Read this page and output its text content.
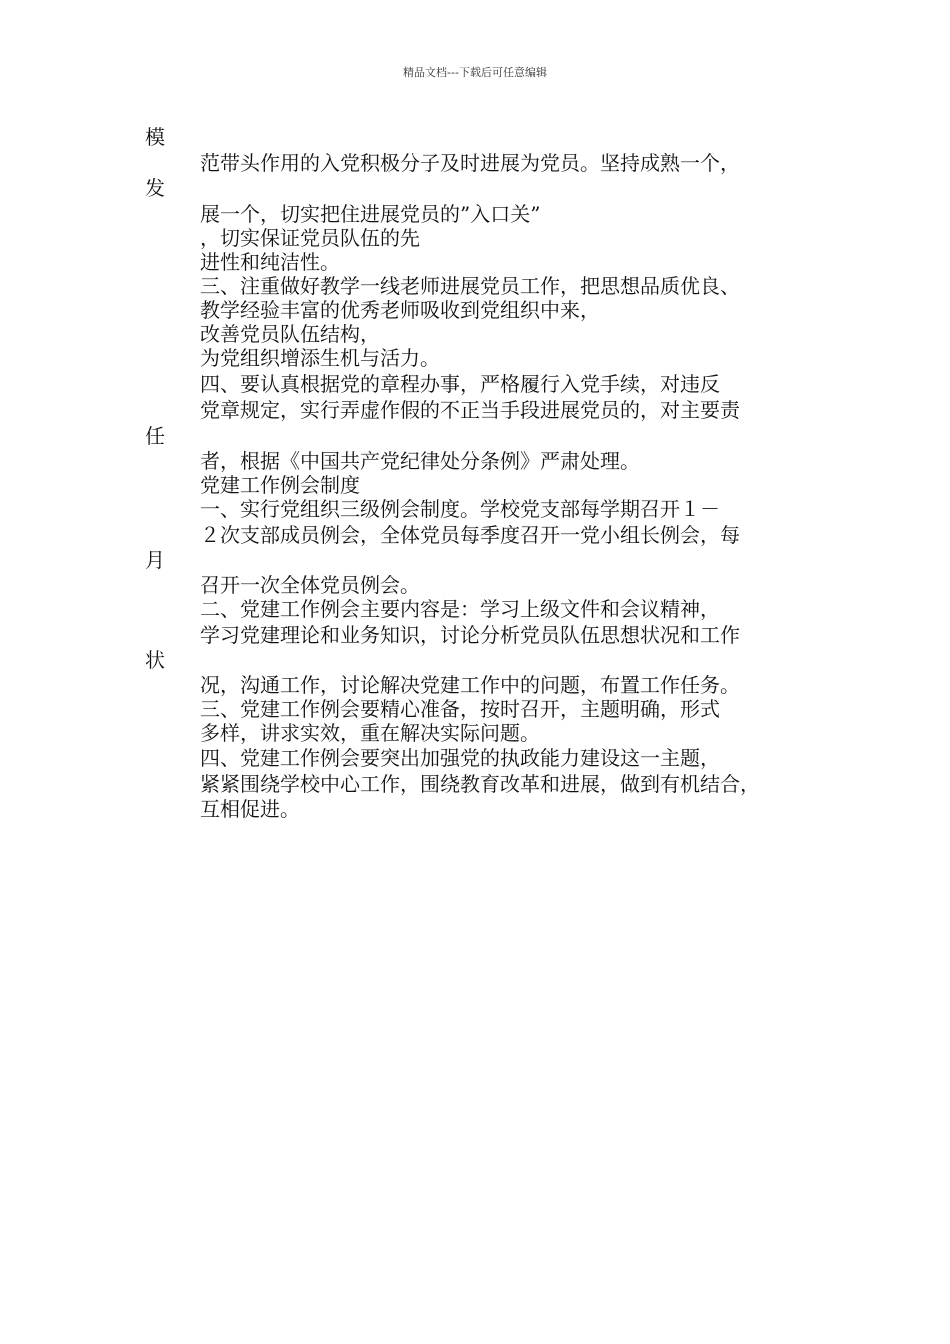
精品文档---下载后可任意编辑
模
发
任
月
状
范带头作用的入党积极分子及时进展为党员。坚持成熟一个，
展一个，切实把住进展党员的”入口关”
，切实保证党员队伍的先
进性和纯洁性。
三、注重做好教学一线老师进展党员工作，把思想品质优良、
教学经验丰富的优秀老师吸收到党组织中来，
改善党员队伍结构，
为党组织增添生机与活力。
四、要认真根据党的章程办事，严格履行入党手续，对违反
党章规定，实行弄虚作假的不正当手段进展党员的，对主要责
者，根据《中国共产党纪律处分条例》严肃处理。
党建工作例会制度
一、实行党组织三级例会制度。学校党支部每学期召开１－
２次支部成员例会，全体党员每季度召开一党小组长例会，每
召开一次全体党员例会。
二、党建工作例会主要内容是：学习上级文件和会议精神，
学习党建理论和业务知识，讨论分析党员队伍思想状况和工作
况，沟通工作，讨论解决党建工作中的问题，布置工作任务。
三、党建工作例会要精心准备，按时召开，主题明确，形式
多样，讲求实效，重在解决实际问题。
四、党建工作例会要突出加强党的执政能力建设这一主题，
紧紧围绕学校中心工作，围绕教育改革和进展，做到有机结合，
互相促进。
